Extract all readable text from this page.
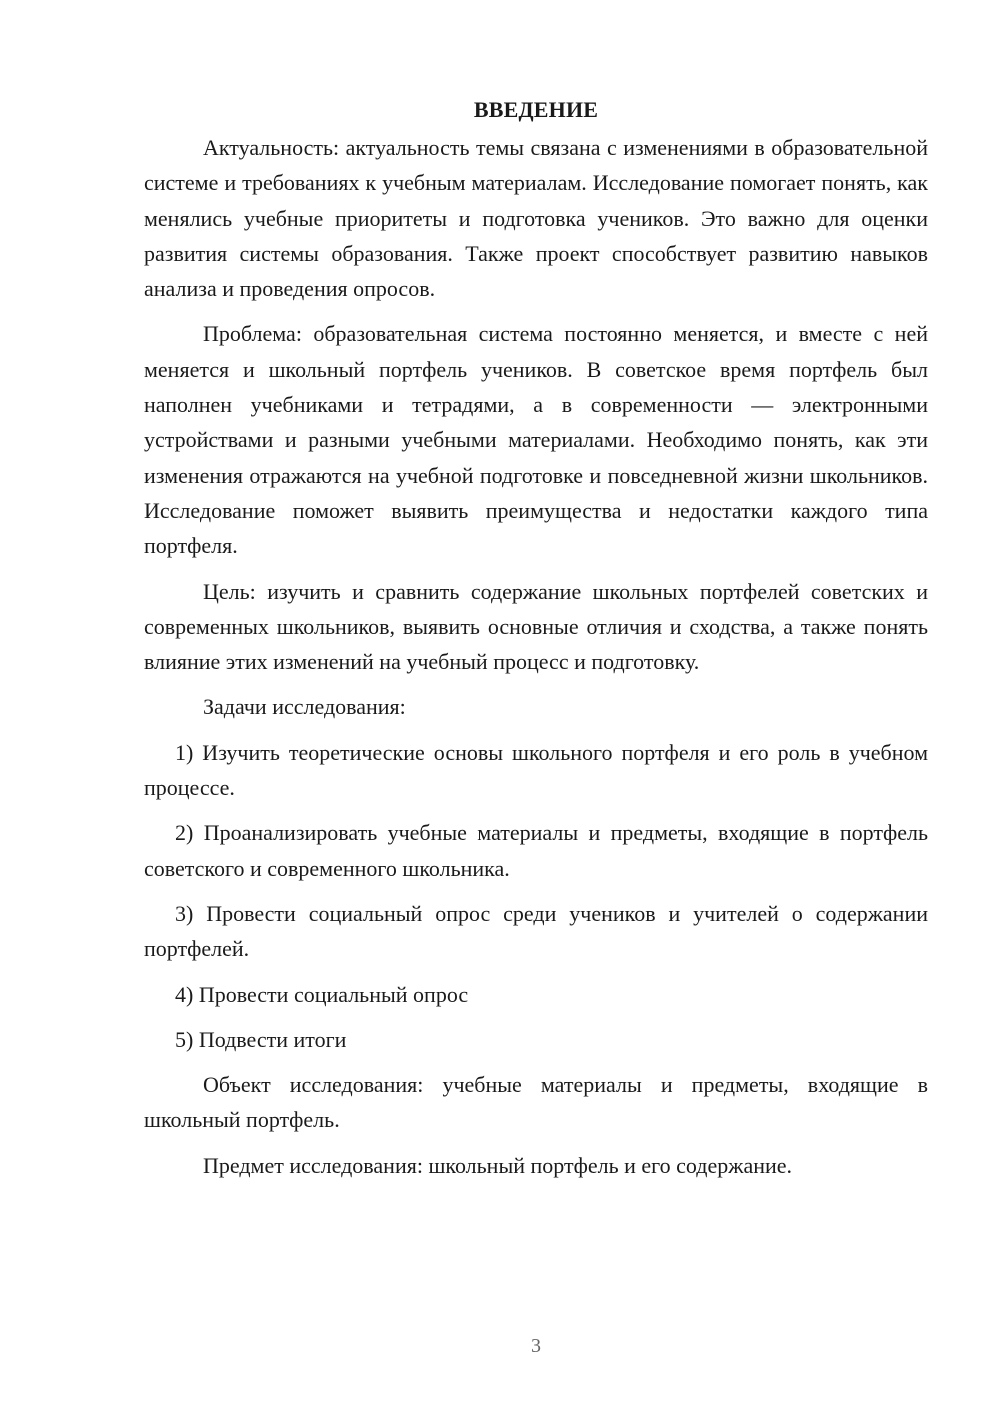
ВВЕДЕНИЕ

Актуальность: актуальность темы связана с изменениями в образовательной системе и требованиях к учебным материалам. Исследование помогает понять, как менялись учебные приоритеты и подготовка учеников. Это важно для оценки развития системы образования. Также проект способствует развитию навыков анализа и проведения опросов.

Проблема: образовательная система постоянно меняется, и вместе с ней меняется и школьный портфель учеников. В советское время портфель был наполнен учебниками и тетрадями, а в современности — электронными устройствами и разными учебными материалами. Необходимо понять, как эти изменения отражаются на учебной подготовке и повседневной жизни школьников. Исследование поможет выявить преимущества и недостатки каждого типа портфеля.

Цель: изучить и сравнить содержание школьных портфелей советских и современных школьников, выявить основные отличия и сходства, а также понять влияние этих изменений на учебный процесс и подготовку.

Задачи исследования:

1) Изучить теоретические основы школьного портфеля и его роль в учебном процессе.

2) Проанализировать учебные материалы и предметы, входящие в портфель советского и современного школьника.

3) Провести социальный опрос среди учеников и учителей о содержании портфелей.

4) Провести социальный опрос

5) Подвести итоги

Объект исследования: учебные материалы и предметы, входящие в школьный портфель.

Предмет исследования: школьный портфель и его содержание.

3
